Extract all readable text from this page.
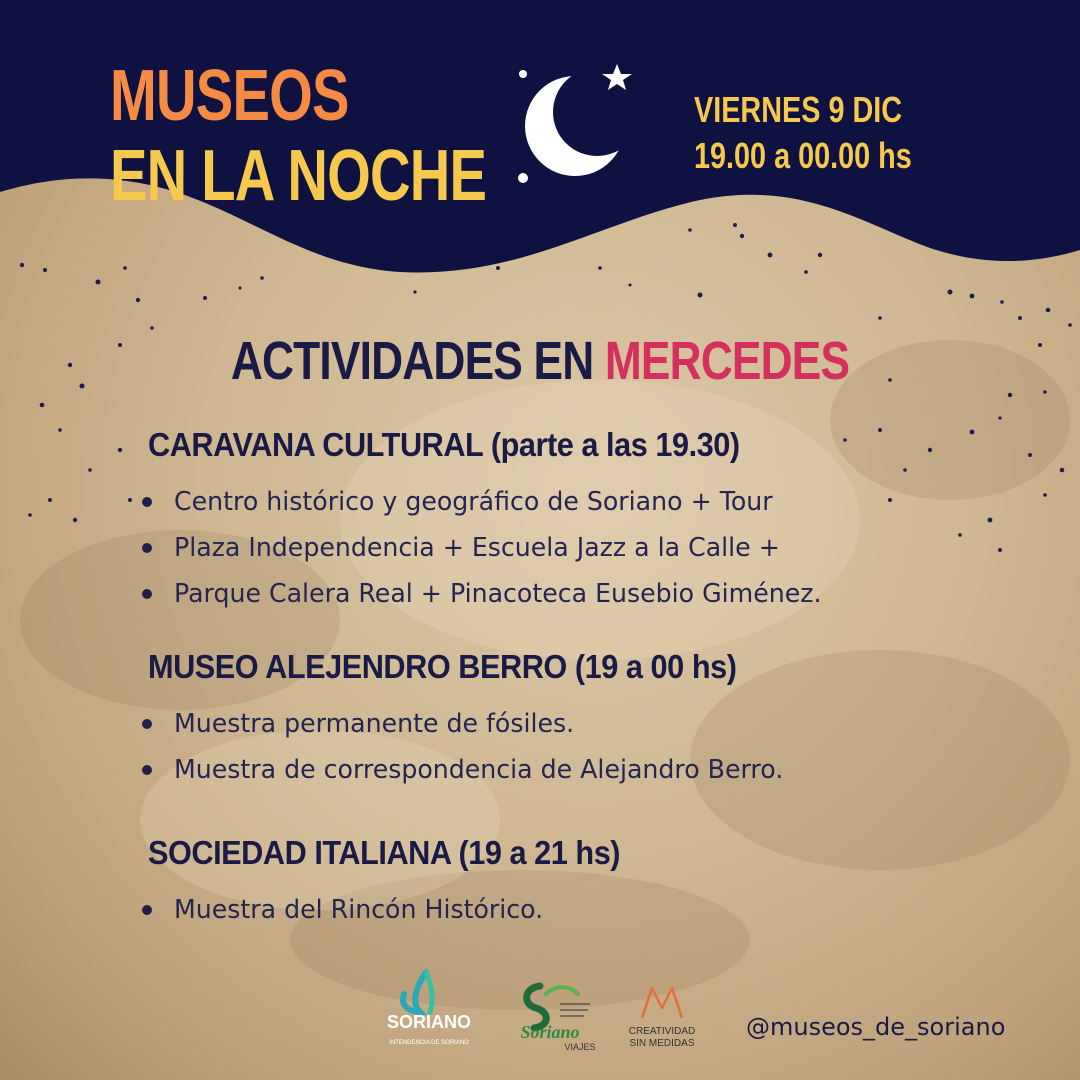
MUSEOS
EN LA NOCHE
VIERNES 9 DIC
19.00 a 00.00 hs
ACTIVIDADES EN MERCEDES
CARAVANA CULTURAL (parte a las 19.30)
Centro histórico y geográfico de Soriano + Tour
Plaza Independencia + Escuela Jazz a la Calle +
Parque Calera Real + Pinacoteca Eusebio Giménez.
MUSEO ALEJENDRO BERRO (19 a 00 hs)
Muestra permanente de fósiles.
Muestra de correspondencia de Alejandro Berro.
SOCIEDAD ITALIANA (19 a 21 hs)
Muestra del Rincón Histórico.
SORIANO
INTENDENCIA DE SORIANO
Soriano
VIAJES
CREATIVIDAD
SIN MEDIDAS
@museos_de_soriano
